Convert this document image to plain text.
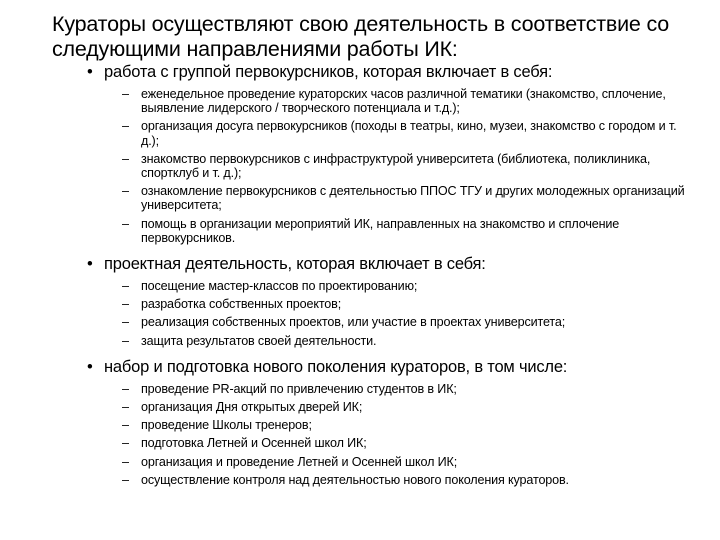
Кураторы осуществляют свою деятельность в соответствие со следующими направлениями работы ИК:
• работа с группой первокурсников, которая включает в себя:
– еженедельное проведение кураторских часов различной тематики (знакомство, сплочение, выявление лидерского / творческого потенциала и т.д.);
– организация досуга первокурсников (походы в театры, кино, музеи, знакомство с городом и т. д.);
– знакомство первокурсников с инфраструктурой университета (библиотека, поликлиника, спортклуб и т. д.);
– ознакомление первокурсников с деятельностью ППОС ТГУ и других молодежных организаций университета;
– помощь в организации мероприятий ИК, направленных на знакомство и сплочение первокурсников.
• проектная деятельность, которая включает в себя:
– посещение мастер-классов по проектированию;
– разработка собственных проектов;
– реализация собственных проектов, или участие в проектах университета;
– защита результатов своей деятельности.
• набор и подготовка нового поколения кураторов, в том числе:
– проведение PR-акций по привлечению студентов в ИК;
– организация Дня открытых дверей ИК;
– проведение Школы тренеров;
– подготовка Летней и Осенней школ ИК;
– организация и проведение Летней и Осенней школ ИК;
– осуществление контроля над деятельностью нового поколения кураторов.
